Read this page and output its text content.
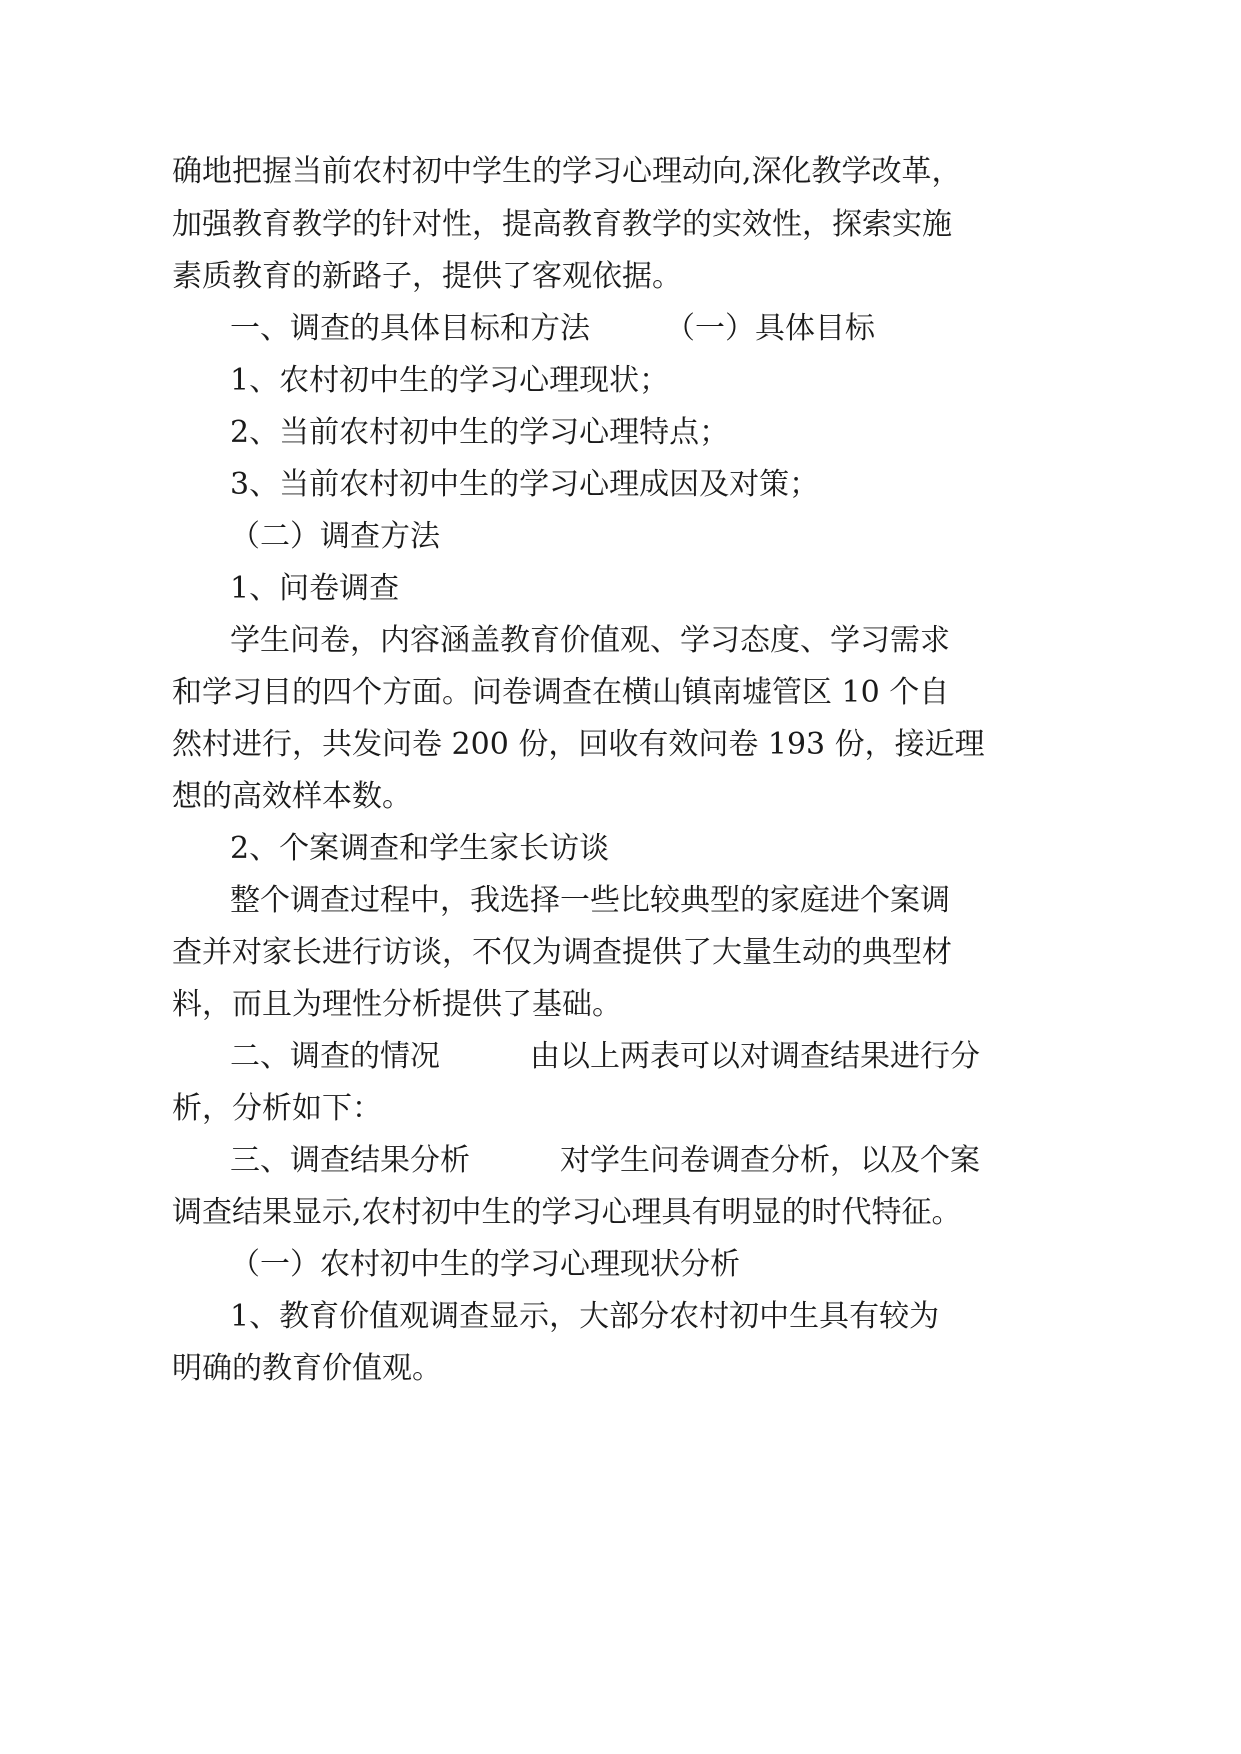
确地把握当前农村初中学生的学习心理动向,深化教学改革，
加强教育教学的针对性，提高教育教学的实效性，探索实施
素质教育的新路子，提供了客观依据。
一、调查的具体目标和方法　　　（一）具体目标
1、农村初中生的学习心理现状；
2、当前农村初中生的学习心理特点；
3、当前农村初中生的学习心理成因及对策；
（二）调查方法
1、问卷调查
学生问卷，内容涵盖教育价值观、学习态度、学习需求
和学习目的四个方面。问卷调查在横山镇南墟管区 10 个自
然村进行，共发问卷 200 份，回收有效问卷 193 份，接近理
想的高效样本数。
2、个案调查和学生家长访谈
整个调查过程中，我选择一些比较典型的家庭进个案调
查并对家长进行访谈，不仅为调查提供了大量生动的典型材
料，而且为理性分析提供了基础。
二、调查的情况　　　由以上两表可以对调查结果进行分
析，分析如下：
三、调查结果分析　　　对学生问卷调查分析，以及个案
调查结果显示,农村初中生的学习心理具有明显的时代特征。
（一）农村初中生的学习心理现状分析
1、教育价值观调查显示，大部分农村初中生具有较为
明确的教育价值观。
